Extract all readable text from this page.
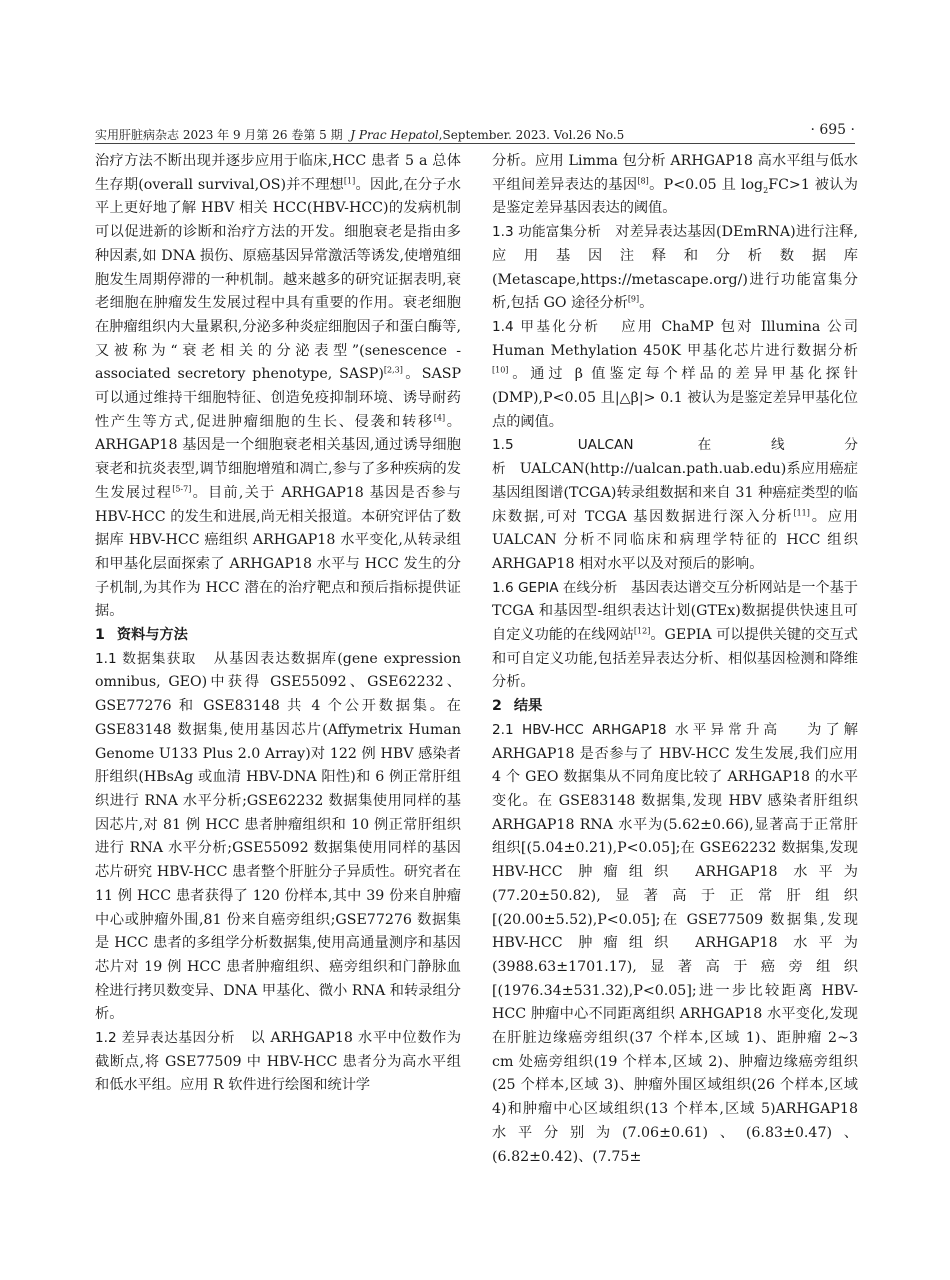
实用肝脏病杂志 2023 年 9 月第 26 卷第 5 期 J Prac Hepatol,September. 2023. Vol.26 No.5	· 695 ·

治疗方法不断出现并逐步应用于临床,HCC 患者 5 a 总体生存期(overall survival,OS)并不理想[1]。因此,在分子水平上更好地了解 HBV 相关 HCC(HBV-HCC)的发病机制可以促进新的诊断和治疗方法的开发。细胞衰老是指由多种因素,如 DNA 损伤、原癌基因异常激活等诱发,使增殖细胞发生周期停滞的一种机制。越来越多的研究证据表明,衰老细胞在肿瘤发生发展过程中具有重要的作用。衰老细胞在肿瘤组织内大量累积,分泌多种炎症细胞因子和蛋白酶等,又被称为“衰老相关的分泌表型”(senescence - associated secretory phenotype, SASP)[2,3]。SASP 可以通过维持干细胞特征、创造免疫抑制环境、诱导耐药性产生等方式,促进肿瘤细胞的生长、侵袭和转移[4]。ARHGAP18 基因是一个细胞衰老相关基因,通过诱导细胞衰老和抗炎表型,调节细胞增殖和凋亡,参与了多种疾病的发生发展过程[5-7]。目前,关于 ARHGAP18 基因是否参与 HBV-HCC 的发生和进展,尚无相关报道。本研究评估了数据库 HBV-HCC 癌组织 ARHGAP18 水平变化,从转录组和甲基化层面探索了 ARHGAP18 水平与 HCC 发生的分子机制,为其作为 HCC 潜在的治疗靶点和预后指标提供证据。

1 资料与方法

1.1 数据集获取 从基因表达数据库(gene expression omnibus, GEO)中获得 GSE55092、GSE62232、GSE77276 和 GSE83148 共 4 个公开数据集。在 GSE83148 数据集,使用基因芯片(Affymetrix Human Genome U133 Plus 2.0 Array)对 122 例 HBV 感染者肝组织(HBsAg 或血清 HBV-DNA 阳性)和 6 例正常肝组织进行 RNA 水平分析;GSE62232 数据集使用同样的基因芯片,对 81 例 HCC 患者肿瘤组织和 10 例正常肝组织进行 RNA 水平分析;GSE55092 数据集使用同样的基因芯片研究 HBV-HCC 患者整个肝脏分子异质性。研究者在 11 例 HCC 患者获得了 120 份样本,其中 39 份来自肿瘤中心或肿瘤外围,81 份来自癌旁组织;GSE77276 数据集是 HCC 患者的多组学分析数据集,使用高通量测序和基因芯片对 19 例 HCC 患者肿瘤组织、癌旁组织和门静脉血栓进行拷贝数变异、DNA 甲基化、微小 RNA 和转录组分析。

1.2 差异表达基因分析 以 ARHGAP18 水平中位数作为截断点,将 GSE77509 中 HBV-HCC 患者分为高水平组和低水平组。应用 R 软件进行绘图和统计学

分析。应用 Limma 包分析 ARHGAP18 高水平组与低水平组间差异表达的基因[8]。P<0.05 且 $\log_2FC>1$ 被认为是鉴定差异基因表达的阈值。

1.3 功能富集分析 对差异表达基因(DEmRNA)进行注释,应用基因注释和分析数据库(Metascape,https://metascape.org/)进行功能富集分析,包括 GO 途径分析[9]。

1.4 甲基化分析 应用 ChaMP 包对 Illumina 公司 Human Methylation 450K 甲基化芯片进行数据分析[10]。通过 β 值鉴定每个样品的差异甲基化探针(DMP),P<0.05 且|△β|> 0.1 被认为是鉴定差异甲基化位点的阈值。

1.5 UALCAN 在线分析 UALCAN(http://ualcan.path.uab.edu)系应用癌症基因组图谱(TCGA)转录组数据和来自 31 种癌症类型的临床数据,可对 TCGA 基因数据进行深入分析[11]。应用 UALCAN 分析不同临床和病理学特征的 HCC 组织 ARHGAP18 相对水平以及对预后的影响。

1.6 GEPIA 在线分析 基因表达谱交互分析网站是一个基于 TCGA 和基因型-组织表达计划(GTEx)数据提供快速且可自定义功能的在线网站[12]。GEPIA 可以提供关键的交互式和可自定义功能,包括差异表达分析、相似基因检测和降维分析。

2 结果

2.1 HBV-HCC ARHGAP18 水平异常升高 为了解 ARHGAP18 是否参与了 HBV-HCC 发生发展,我们应用 4 个 GEO 数据集从不同角度比较了 ARHGAP18 的水平变化。在 GSE83148 数据集,发现 HBV 感染者肝组织 ARHGAP18 RNA 水平为(5.62±0.66),显著高于正常肝组织[(5.04±0.21),P<0.05];在 GSE62232 数据集,发现 HBV-HCC 肿瘤组织 ARHGAP18 水平为(77.20±50.82),显著高于正常肝组织[(20.00±5.52),P<0.05];在 GSE77509 数据集,发现 HBV-HCC 肿瘤组织 ARHGAP18 水平为(3988.63±1701.17),显著高于癌旁组织[(1976.34±531.32),P<0.05];进一步比较距离 HBV-HCC 肿瘤中心不同距离组织 ARHGAP18 水平变化,发现在肝脏边缘癌旁组织(37 个样本,区域 1)、距肿瘤 2~3 cm 处癌旁组织(19 个样本,区域 2)、肿瘤边缘癌旁组织(25 个样本,区域 3)、肿瘤外围区域组织(26 个样本,区域 4)和肿瘤中心区域组织(13 个样本,区域 5)ARHGAP18 水平分别为(7.06±0.61)、(6.83±0.47)、(6.82±0.42)、(7.75±
